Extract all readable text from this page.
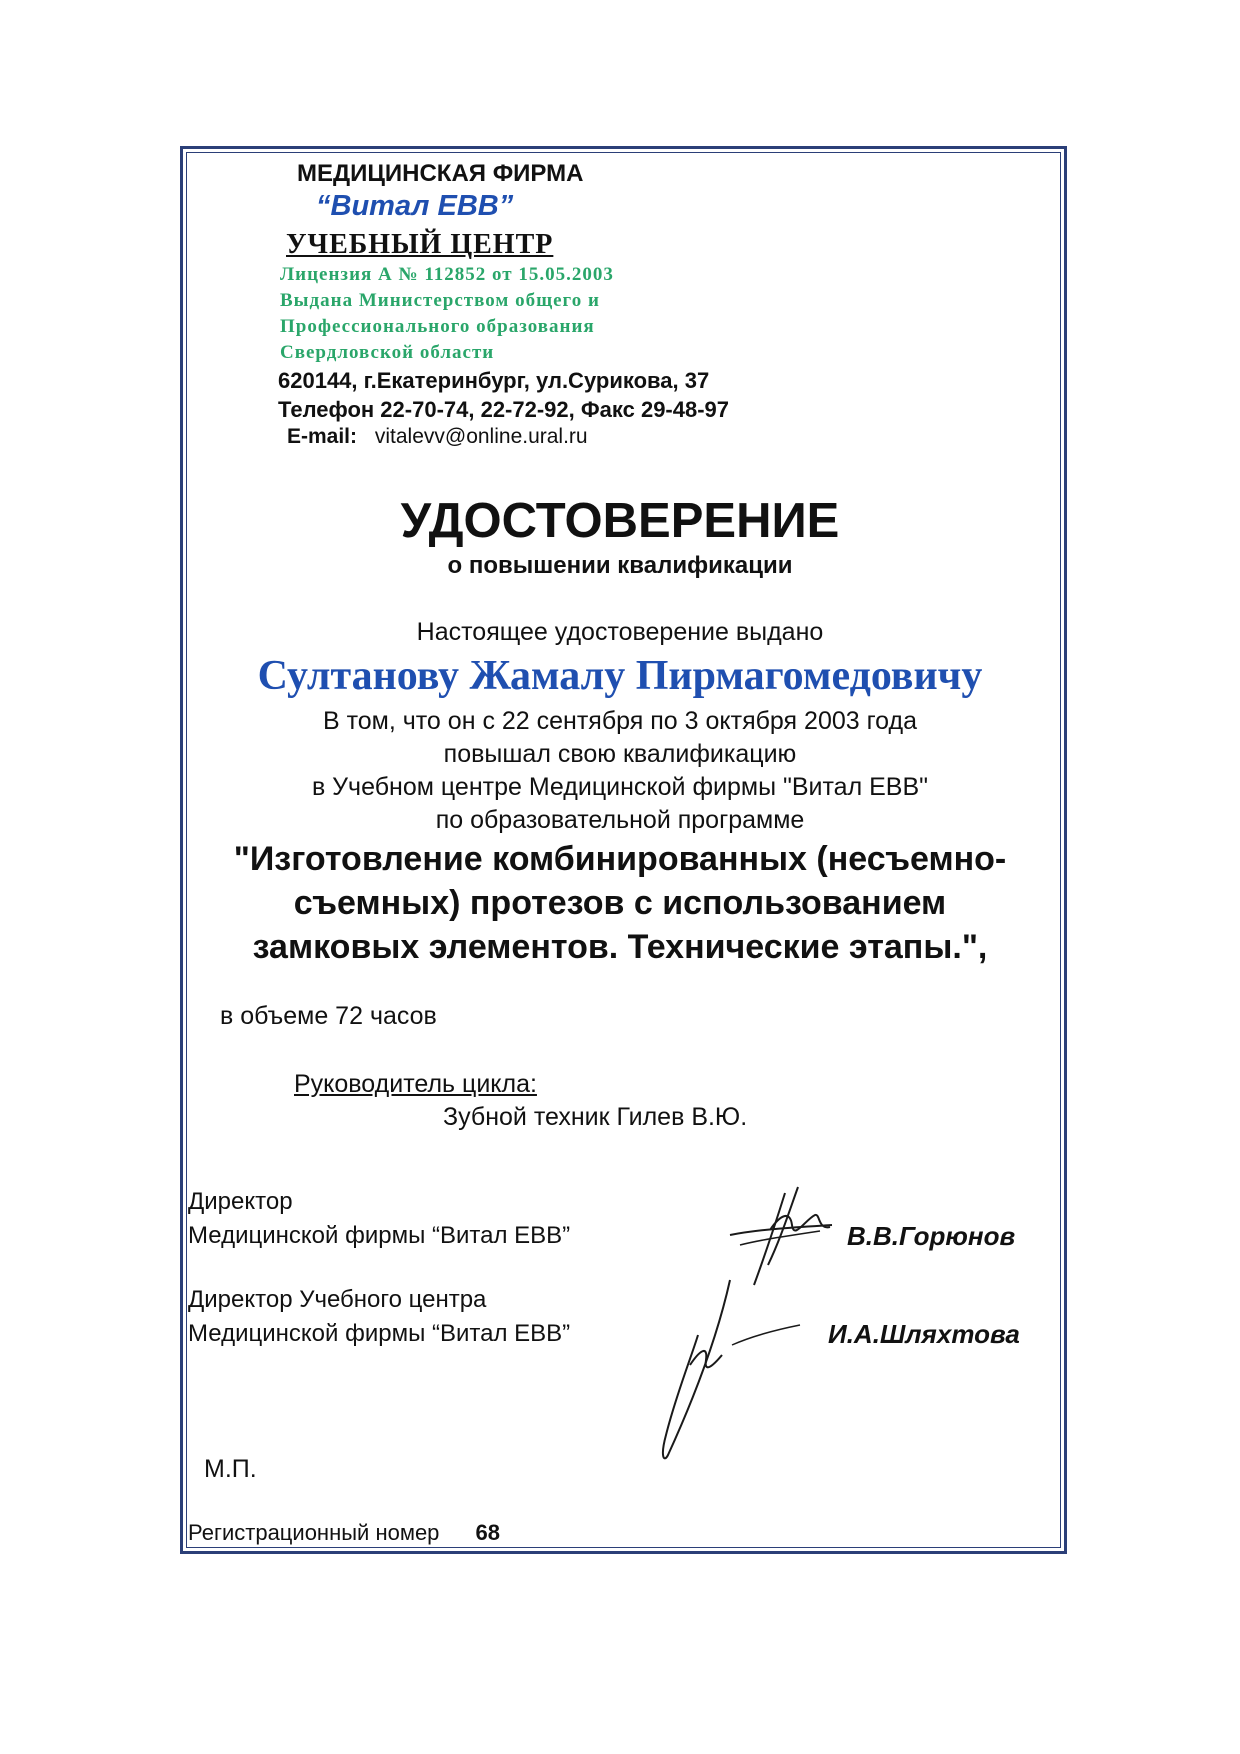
МЕДИЦИНСКАЯ ФИРМА
“Витал ЕВВ”
УЧЕБНЫЙ ЦЕНТР
Лицензия А № 112852 от 15.05.2003
Выдана Министерством общего и
Профессионального образования
Свердловской области
620144, г.Екатеринбург, ул.Сурикова, 37
Телефон 22-70-74, 22-72-92, Факс 29-48-97
E-mail: vitalevv@online.ural.ru
УДОСТОВЕРЕНИЕ
о повышении квалификации
Настоящее удостоверение выдано
Султанову Жамалу Пирмагомедовичу
В том, что он с 22 сентября по 3 октября 2003 года
повышал свою квалификацию
в Учебном центре Медицинской фирмы "Витал ЕВВ"
по образовательной программе
"Изготовление комбинированных (несъемно-
съемных) протезов с использованием
замковых элементов. Технические этапы.",
в объеме 72 часов
Руководитель цикла:
Зубной техник Гилев В.Ю.
Директор
Медицинской фирмы “Витал ЕВВ”	В.В.Горюнов
Директор Учебного центра
Медицинской фирмы “Витал ЕВВ”	И.А.Шляхтова
М.П.
Регистрационный номер 68
